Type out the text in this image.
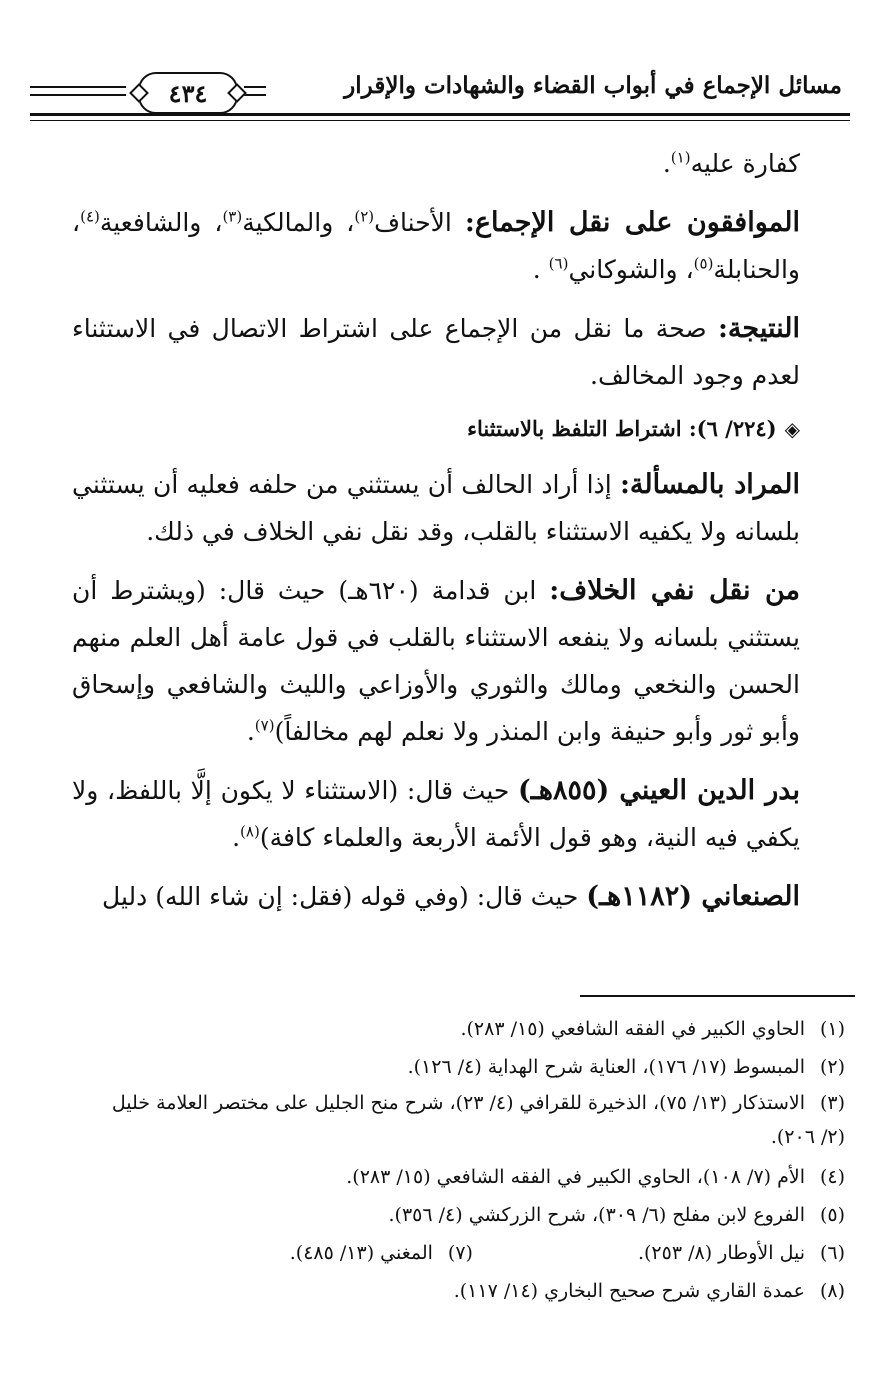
مسائل الإجماع في أبواب القضاء والشهادات والإقرار
٤٣٤

كفارة عليه$^{(١)}$.

الموافقون على نقل الإجماع: الأحناف$^{(٢)}$، والمالكية$^{(٣)}$، والشافعية$^{(٤)}$، والحنابلة$^{(٥)}$، والشوكاني$^{(٦)}$ .

النتيجة: صحة ما نقل من الإجماع على اشتراط الاتصال في الاستثناء لعدم وجود المخالف.

◈(٢٢٤/ ٦): اشتراط التلفظ بالاستثناء

المراد بالمسألة: إذا أراد الحالف أن يستثني من حلفه فعليه أن يستثني بلسانه ولا يكفيه الاستثناء بالقلب، وقد نقل نفي الخلاف في ذلك.

من نقل نفي الخلاف: ابن قدامة (٦٢٠هـ) حيث قال: (ويشترط أن يستثني بلسانه ولا ينفعه الاستثناء بالقلب في قول عامة أهل العلم منهم الحسن والنخعي ومالك والثوري والأوزاعي والليث والشافعي وإسحاق وأبو ثور وأبو حنيفة وابن المنذر ولا نعلم لهم مخالفاً)$^{(٧)}$.

بدر الدين العيني (٨٥٥هـ) حيث قال: (الاستثناء لا يكون إلَّا باللفظ، ولا يكفي فيه النية، وهو قول الأئمة الأربعة والعلماء كافة)$^{(٨)}$.

الصنعاني (١١٨٢هـ) حيث قال: (وفي قوله (فقل: إن شاء الله) دليل

(١)الحاوي الكبير في الفقه الشافعي (١٥/ ٢٨٣).

(٢)المبسوط (١٧/ ١٧٦)، العناية شرح الهداية (٤/ ١٢٦).

(٣)الاستذكار (١٣/ ٧٥)، الذخيرة للقرافي (٤/ ٢٣)، شرح منح الجليل على مختصر العلامة خليل (٢/ ٢٠٦).

(٤)الأم (٧/ ١٠٨)، الحاوي الكبير في الفقه الشافعي (١٥/ ٢٨٣).

(٥)الفروع لابن مفلح (٦/ ٣٠٩)، شرح الزركشي (٤/ ٣٥٦).

(٦)نيل الأوطار (٨/ ٢٥٣).
(٧)المغني (١٣/ ٤٨٥).

(٨)عمدة القاري شرح صحيح البخاري (١٤/ ١١٧).
